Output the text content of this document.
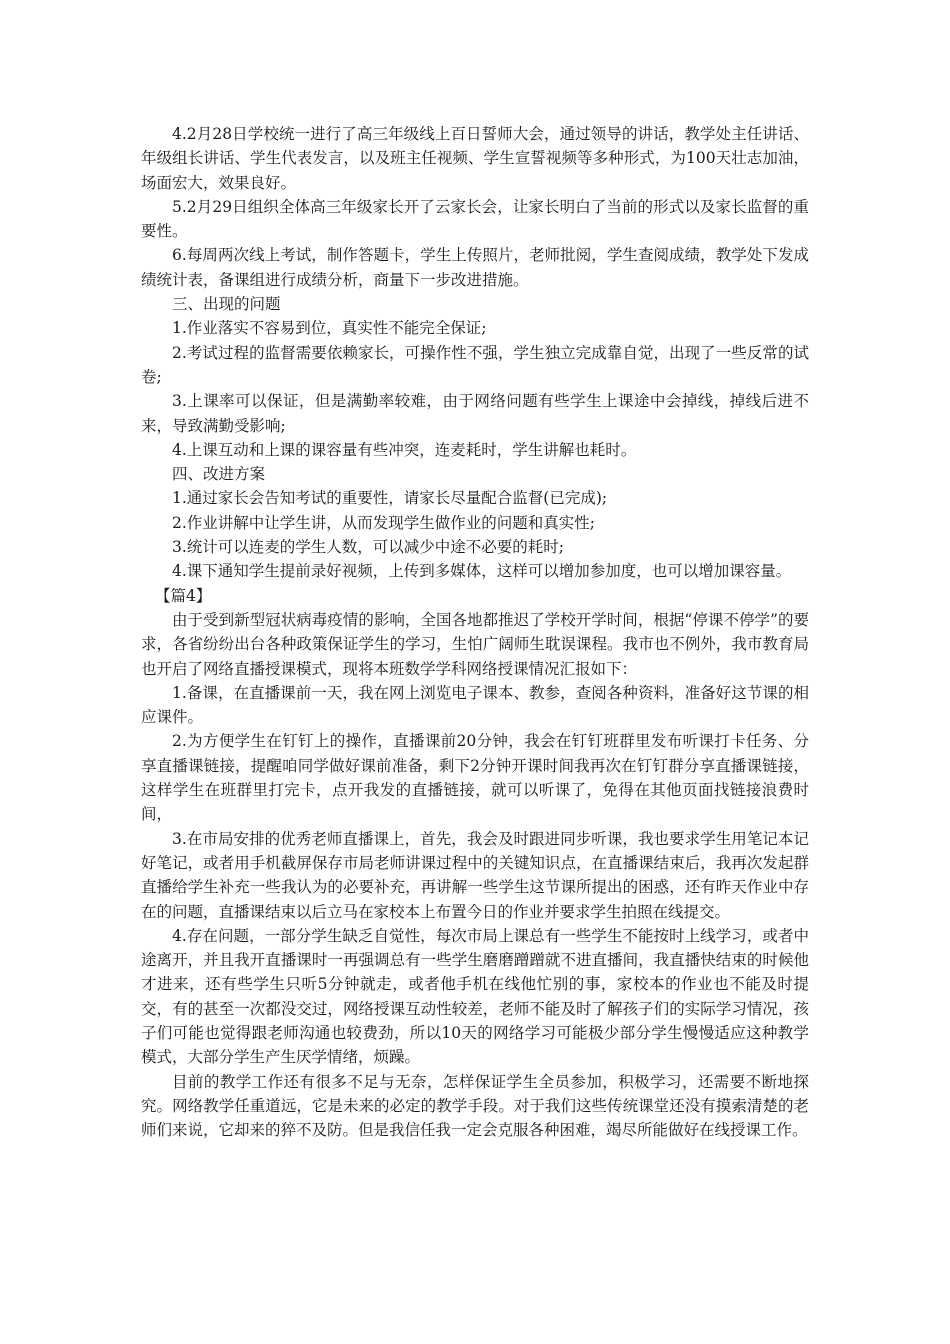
4.2月28日学校统一进行了高三年级线上百日誓师大会，通过领导的讲话，教学处主任讲话、年级组长讲话、学生代表发言，以及班主任视频、学生宣誓视频等多种形式，为100天壮志加油，场面宏大，效果良好。

5.2月29日组织全体高三年级家长开了云家长会，让家长明白了当前的形式以及家长监督的重要性。

6.每周两次线上考试，制作答题卡，学生上传照片，老师批阅，学生查阅成绩，教学处下发成绩统计表，备课组进行成绩分析，商量下一步改进措施。

三、出现的问题

1.作业落实不容易到位，真实性不能完全保证;

2.考试过程的监督需要依赖家长，可操作性不强，学生独立完成靠自觉，出现了一些反常的试卷;

3.上课率可以保证，但是满勤率较难，由于网络问题有些学生上课途中会掉线，掉线后进不来，导致满勤受影响;

4.上课互动和上课的课容量有些冲突，连麦耗时，学生讲解也耗时。

四、改进方案

1.通过家长会告知考试的重要性，请家长尽量配合监督(已完成);

2.作业讲解中让学生讲，从而发现学生做作业的问题和真实性;

3.统计可以连麦的学生人数，可以减少中途不必要的耗时;

4.课下通知学生提前录好视频，上传到多媒体，这样可以增加参加度，也可以增加课容量。

【篇4】

由于受到新型冠状病毒疫情的影响，全国各地都推迟了学校开学时间，根据“停课不停学”的要求，各省纷纷出台各种政策保证学生的学习，生怕广阔师生耽误课程。我市也不例外，我市教育局也开启了网络直播授课模式，现将本班数学学科网络授课情况汇报如下：

1.备课，在直播课前一天，我在网上浏览电子课本、教参，查阅各种资料，准备好这节课的相应课件。

2.为方便学生在钉钉上的操作，直播课前20分钟，我会在钉钉班群里发布听课打卡任务、分享直播课链接，提醒咱同学做好课前准备，剩下2分钟开课时间我再次在钉钉群分享直播课链接，这样学生在班群里打完卡，点开我发的直播链接，就可以听课了，免得在其他页面找链接浪费时间，

3.在市局安排的优秀老师直播课上，首先，我会及时跟进同步听课，我也要求学生用笔记本记好笔记，或者用手机截屏保存市局老师讲课过程中的关键知识点，在直播课结束后，我再次发起群直播给学生补充一些我认为的必要补充，再讲解一些学生这节课所提出的困惑，还有昨天作业中存在的问题，直播课结束以后立马在家校本上布置今日的作业并要求学生拍照在线提交。

4.存在问题，一部分学生缺乏自觉性，每次市局上课总有一些学生不能按时上线学习，或者中途离开，并且我开直播课时一再强调总有一些学生磨磨蹭蹭就不进直播间，我直播快结束的时候他才进来，还有些学生只听5分钟就走，或者他手机在线他忙别的事，家校本的作业也不能及时提交，有的甚至一次都没交过，网络授课互动性较差，老师不能及时了解孩子们的实际学习情况，孩子们可能也觉得跟老师沟通也较费劲，所以10天的网络学习可能极少部分学生慢慢适应这种教学模式，大部分学生产生厌学情绪，烦躁。

目前的教学工作还有很多不足与无奈，怎样保证学生全员参加，积极学习，还需要不断地探究。网络教学任重道远，它是未来的必定的教学手段。对于我们这些传统课堂还没有摸索清楚的老师们来说，它却来的猝不及防。但是我信任我一定会克服各种困难，竭尽所能做好在线授课工作。
